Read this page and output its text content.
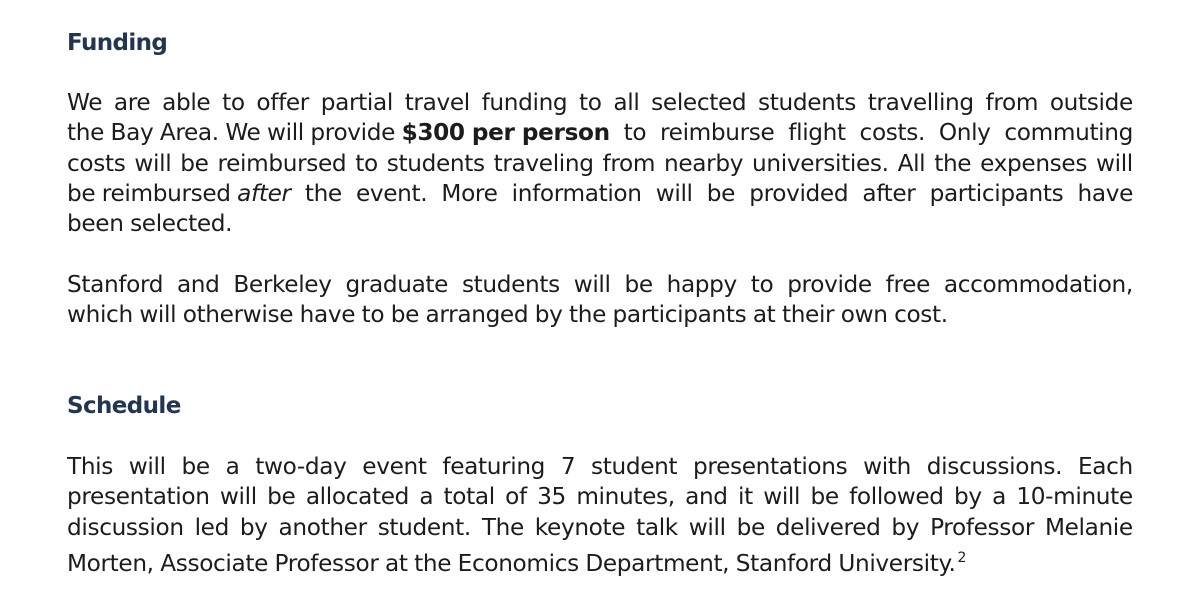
Funding
We are able to offer partial travel funding to all selected students travelling from outside
the Bay Area. We will provide $300 per person to reimburse flight costs. Only commuting
costs will be reimbursed to students traveling from nearby universities. All the expenses will
be reimbursed after the event. More information will be provided after participants have
been selected.
Stanford and Berkeley graduate students will be happy to provide free accommodation,
which will otherwise have to be arranged by the participants at their own cost.
Schedule
This will be a two-day event featuring 7 student presentations with discussions. Each
presentation will be allocated a total of 35 minutes, and it will be followed by a 10-minute
discussion led by another student. The keynote talk will be delivered by Professor Melanie
Morten, Associate Professor at the Economics Department, Stanford University. $^2$
